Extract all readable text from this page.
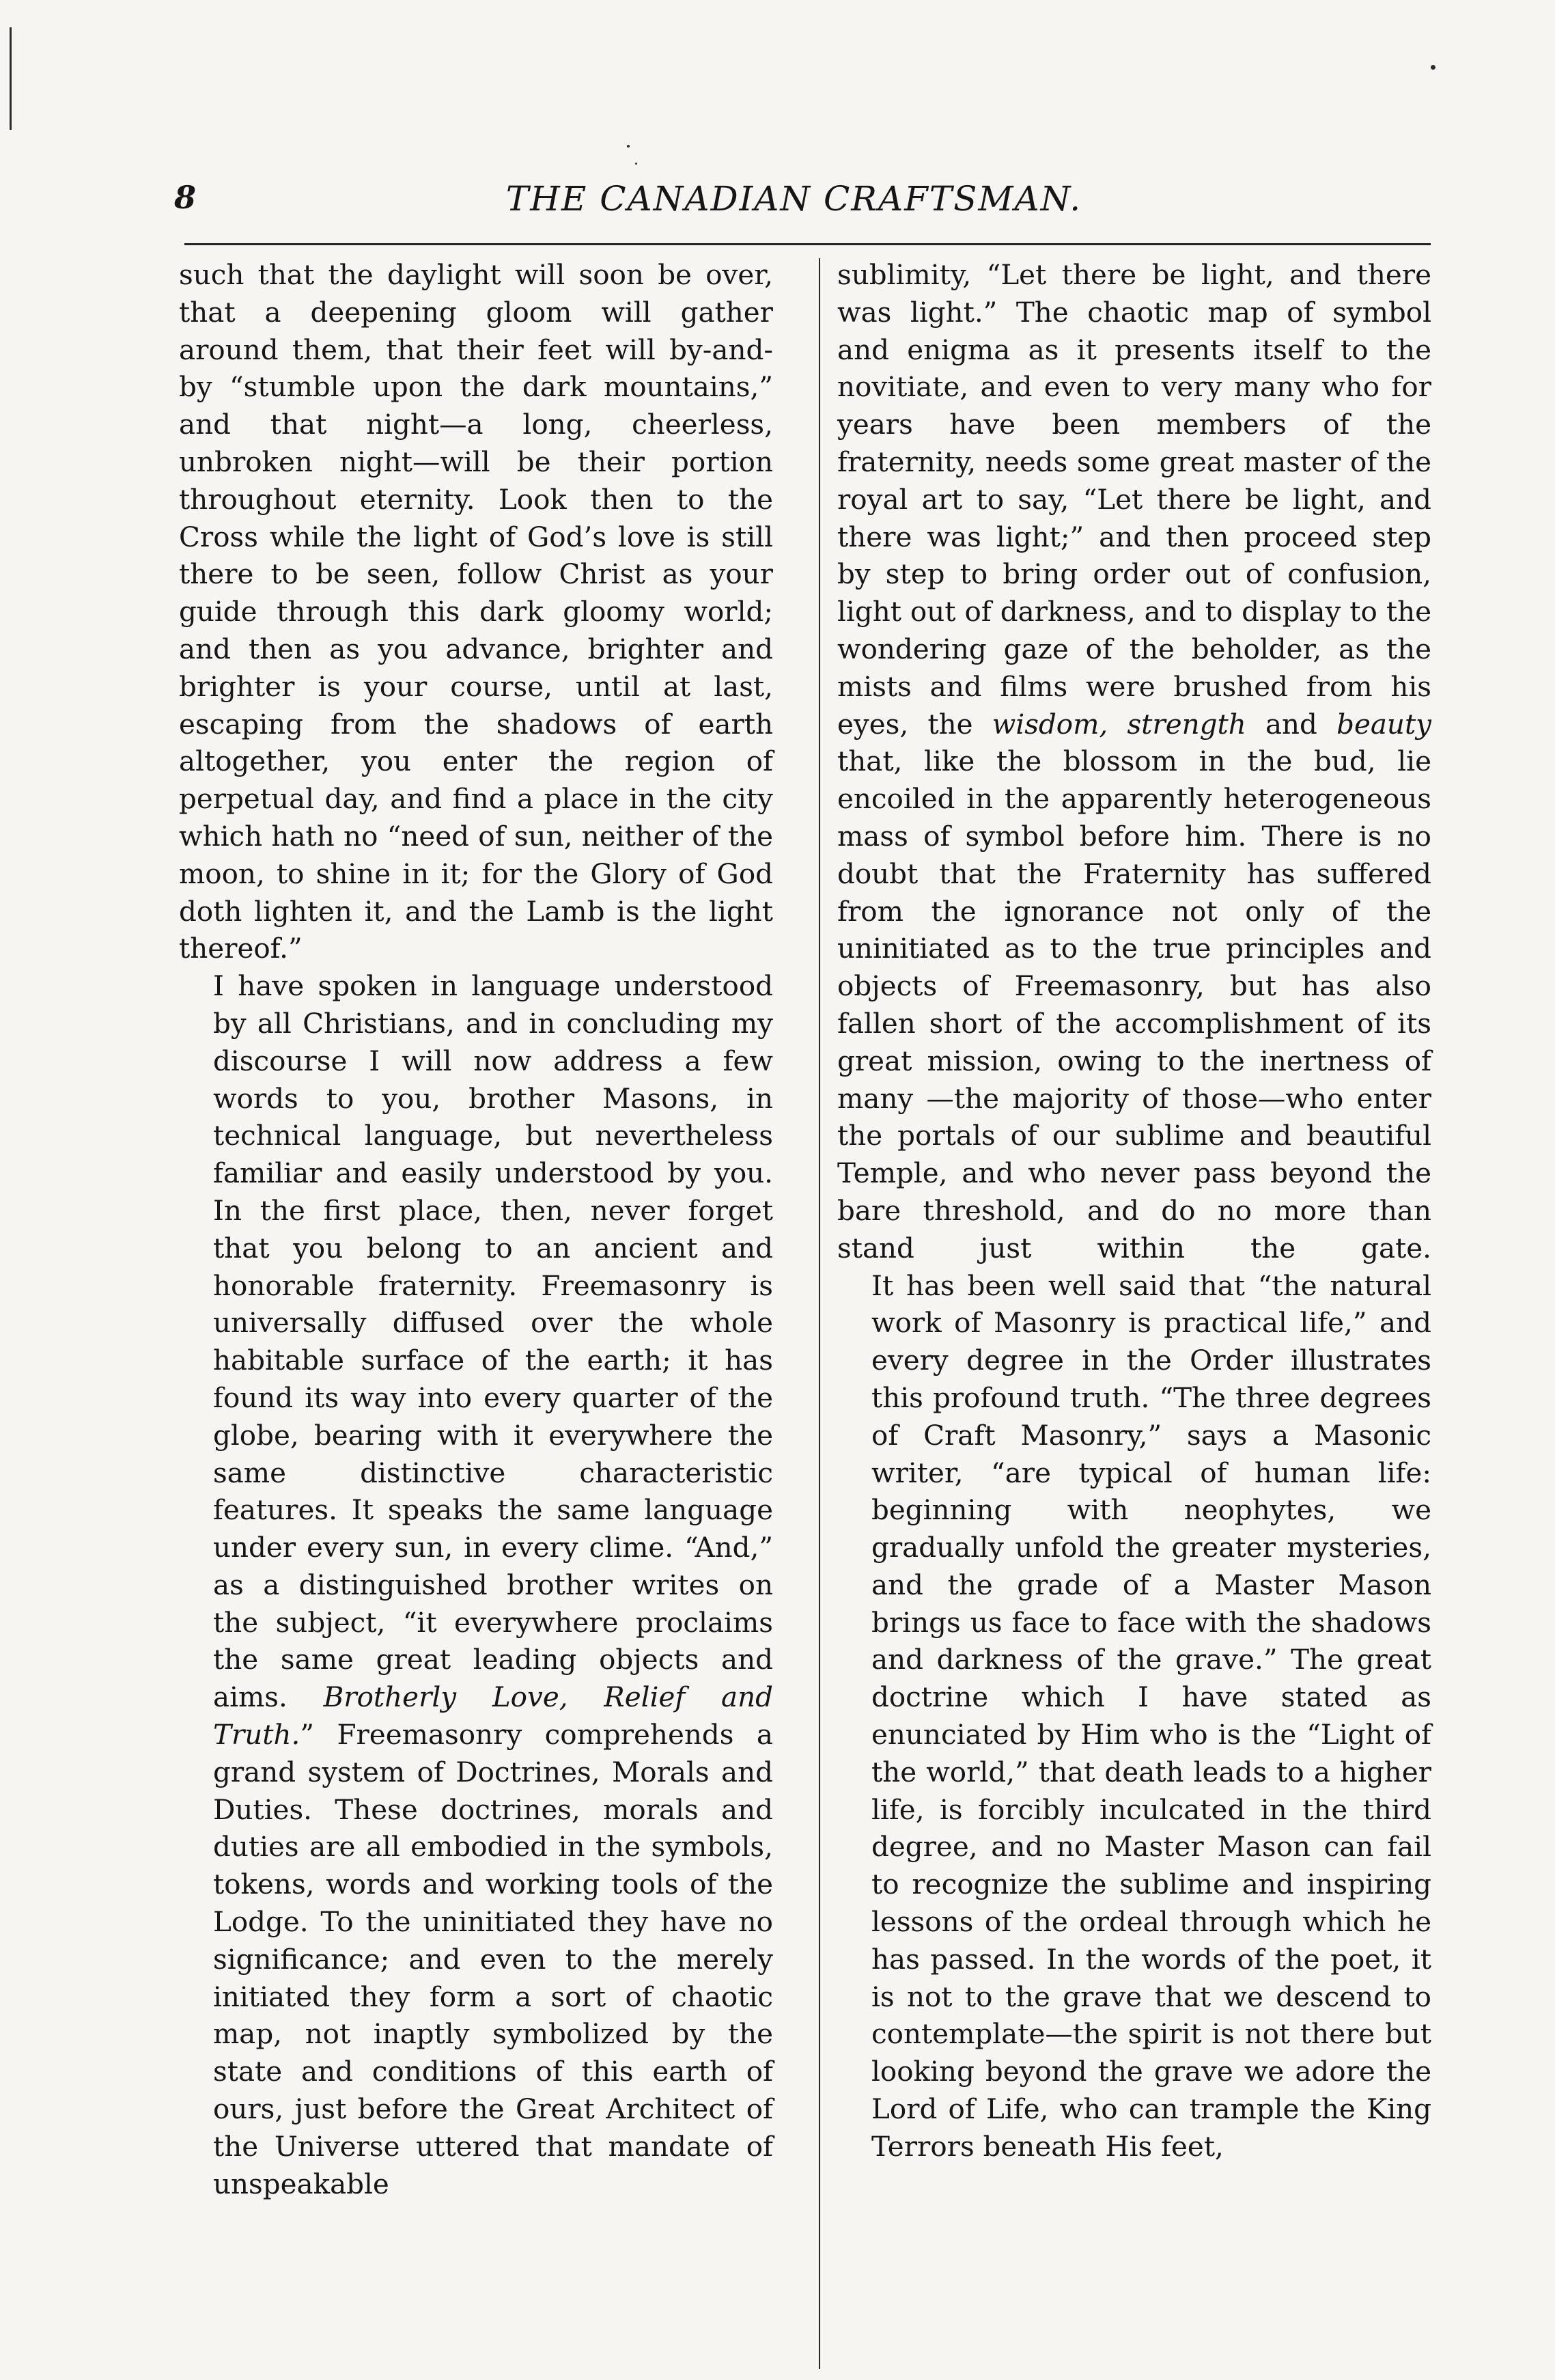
8	THE CANADIAN CRAFTSMAN.

such that the daylight will soon be over, that a deepening gloom will gather around them, that their feet will by-and-by “stumble upon the dark mountains,” and that night—a long, cheerless, unbroken night—will be their portion throughout eternity. Look then to the Cross while the light of God’s love is still there to be seen, follow Christ as your guide through this dark gloomy world; and then as you advance, brighter and brighter is your course, until at last, escaping from the shadows of earth altogether, you enter the region of perpetual day, and find a place in the city which hath no “need of sun, neither of the moon, to shine in it; for the Glory of God doth lighten it, and the Lamb is the light thereof.”

I have spoken in language understood by all Christians, and in concluding my discourse I will now address a few words to you, brother Masons, in technical language, but nevertheless familiar and easily understood by you.

In the first place, then, never forget that you belong to an ancient and honorable fraternity. Freemasonry is universally diffused over the whole habitable surface of the earth; it has found its way into every quarter of the globe, bearing with it everywhere the same distinctive characteristic features. It speaks the same language under every sun, in every clime. “And,” as a distinguished brother writes on the subject, “it everywhere proclaims the same great leading objects and aims. Brotherly Love, Relief and Truth.” Freemasonry comprehends a grand system of Doctrines, Morals and Duties. These doctrines, morals and duties are all embodied in the symbols, tokens, words and working tools of the Lodge. To the uninitiated they have no significance; and even to the merely initiated they form a sort of chaotic map, not inaptly symbolized by the state and conditions of this earth of ours, just before the Great Architect of the Universe uttered that mandate of unspeakable

sublimity, “Let there be light, and there was light.” The chaotic map of symbol and enigma as it presents itself to the novitiate, and even to very many who for years have been members of the fraternity, needs some great master of the royal art to say, “Let there be light, and there was light;” and then proceed step by step to bring order out of confusion, light out of darkness, and to display to the wondering gaze of the beholder, as the mists and films were brushed from his eyes, the wisdom, strength and beauty that, like the blossom in the bud, lie encoiled in the apparently heterogeneous mass of symbol before him. There is no doubt that the Fraternity has suffered from the ignorance not only of the uninitiated as to the true principles and objects of Freemasonry, but has also fallen short of the accomplishment of its great mission, owing to the inertness of many —the majority of those—who enter the portals of our sublime and beautiful Temple, and who never pass beyond the bare threshold, and do no more than stand just within the gate.

It has been well said that “the natural work of Masonry is practical life,” and every degree in the Order illustrates this profound truth. “The three degrees of Craft Masonry,” says a Masonic writer, “are typical of human life: beginning with neophytes, we gradually unfold the greater mysteries, and the grade of a Master Mason brings us face to face with the shadows and darkness of the grave.” The great doctrine which I have stated as enunciated by Him who is the “Light of the world,” that death leads to a higher life, is forcibly inculcated in the third degree, and no Master Mason can fail to recognize the sublime and inspiring lessons of the ordeal through which he has passed. In the words of the poet, it is not to the grave that we descend to contemplate—the spirit is not there but looking beyond the grave we adore the Lord of Life, who can trample the King Terrors beneath His feet,
